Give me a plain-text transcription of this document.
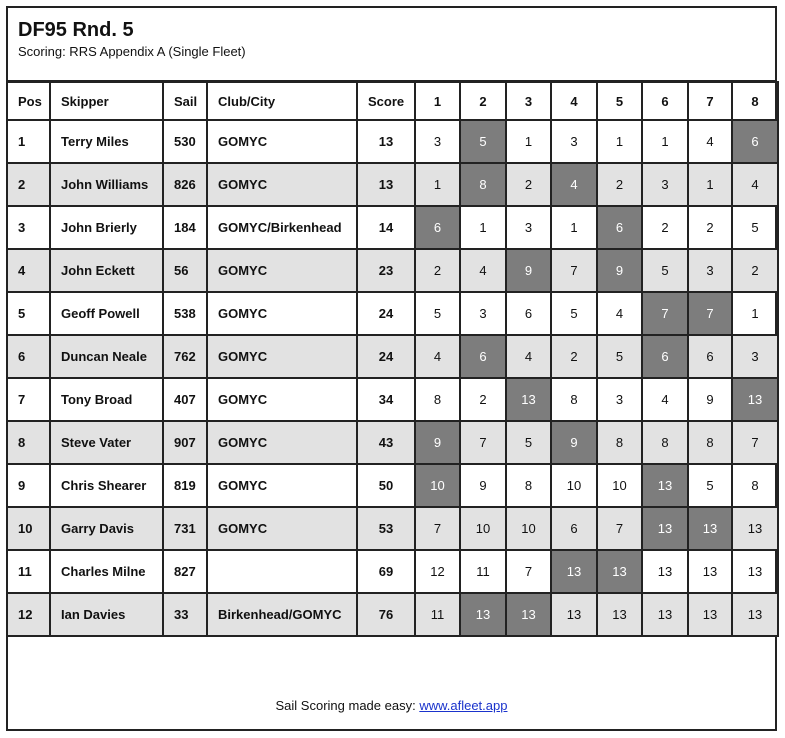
DF95 Rnd. 5
Scoring: RRS Appendix A (Single Fleet)
Pos	Skipper	Sail	Club/City	Score	1	2	3	4	5	6	7	8
1	Terry Miles	530	GOMYC	13	3	5	1	3	1	1	4	6
2	John Williams	826	GOMYC	13	1	8	2	4	2	3	1	4
3	John Brierly	184	GOMYC/Birkenhead	14	6	1	3	1	6	2	2	5
4	John Eckett	56	GOMYC	23	2	4	9	7	9	5	3	2
5	Geoff Powell	538	GOMYC	24	5	3	6	5	4	7	7	1
6	Duncan Neale	762	GOMYC	24	4	6	4	2	5	6	6	3
7	Tony Broad	407	GOMYC	34	8	2	13	8	3	4	9	13
8	Steve Vater	907	GOMYC	43	9	7	5	9	8	8	8	7
9	Chris Shearer	819	GOMYC	50	10	9	8	10	10	13	5	8
10	Garry Davis	731	GOMYC	53	7	10	10	6	7	13	13	13
11	Charles Milne	827		69	12	11	7	13	13	13	13	13
12	Ian Davies	33	Birkenhead/GOMYC	76	11	13	13	13	13	13	13	13
Sail Scoring made easy: www.afleet.app
